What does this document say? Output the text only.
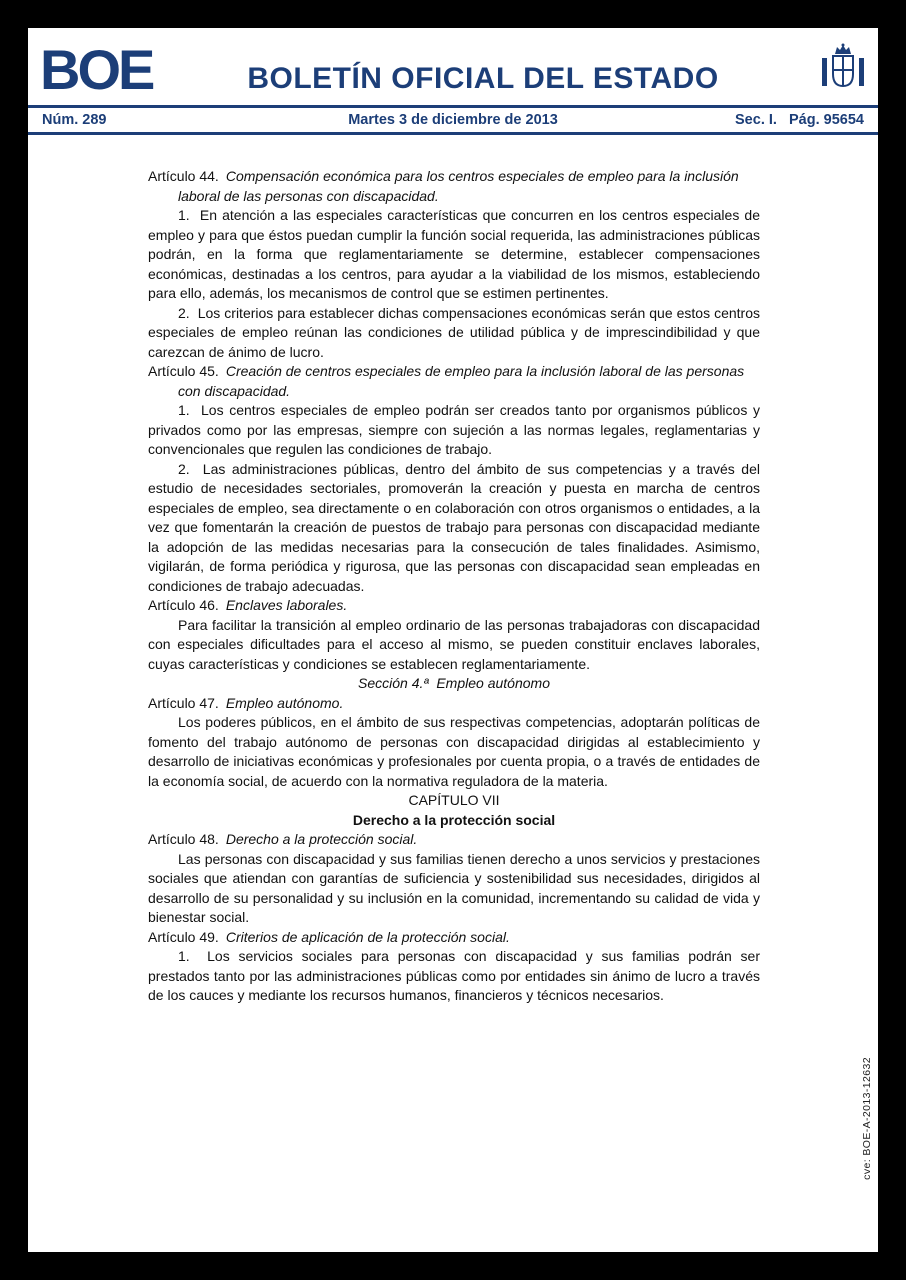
BOE	BOLETÍN OFICIAL DEL ESTADO
Núm. 289	Martes 3 de diciembre de 2013	Sec. I.   Pág. 95654

Artículo 44. Compensación económica para los centros especiales de empleo para la inclusión laboral de las personas con discapacidad.

1.  En atención a las especiales características que concurren en los centros especiales de empleo y para que éstos puedan cumplir la función social requerida, las administraciones públicas podrán, en la forma que reglamentariamente se determine, establecer compensaciones económicas, destinadas a los centros, para ayudar a la viabilidad de los mismos, estableciendo para ello, además, los mecanismos de control que se estimen pertinentes.

2.  Los criterios para establecer dichas compensaciones económicas serán que estos centros especiales de empleo reúnan las condiciones de utilidad pública y de imprescindibilidad y que carezcan de ánimo de lucro.

Artículo 45. Creación de centros especiales de empleo para la inclusión laboral de las personas con discapacidad.

1.  Los centros especiales de empleo podrán ser creados tanto por organismos públicos y privados como por las empresas, siempre con sujeción a las normas legales, reglamentarias y convencionales que regulen las condiciones de trabajo.

2.  Las administraciones públicas, dentro del ámbito de sus competencias y a través del estudio de necesidades sectoriales, promoverán la creación y puesta en marcha de centros especiales de empleo, sea directamente o en colaboración con otros organismos o entidades, a la vez que fomentarán la creación de puestos de trabajo para personas con discapacidad mediante la adopción de las medidas necesarias para la consecución de tales finalidades. Asimismo, vigilarán, de forma periódica y rigurosa, que las personas con discapacidad sean empleadas en condiciones de trabajo adecuadas.

Artículo 46. Enclaves laborales.

Para facilitar la transición al empleo ordinario de las personas trabajadoras con discapacidad con especiales dificultades para el acceso al mismo, se pueden constituir enclaves laborales, cuyas características y condiciones se establecen reglamentariamente.

Sección 4.ª  Empleo autónomo

Artículo 47. Empleo autónomo.

Los poderes públicos, en el ámbito de sus respectivas competencias, adoptarán políticas de fomento del trabajo autónomo de personas con discapacidad dirigidas al establecimiento y desarrollo de iniciativas económicas y profesionales por cuenta propia, o a través de entidades de la economía social, de acuerdo con la normativa reguladora de la materia.

CAPÍTULO VII

Derecho a la protección social

Artículo 48. Derecho a la protección social.

Las personas con discapacidad y sus familias tienen derecho a unos servicios y prestaciones sociales que atiendan con garantías de suficiencia y sostenibilidad sus necesidades, dirigidos al desarrollo de su personalidad y su inclusión en la comunidad, incrementando su calidad de vida y bienestar social.

Artículo 49. Criterios de aplicación de la protección social.

1.  Los servicios sociales para personas con discapacidad y sus familias podrán ser prestados tanto por las administraciones públicas como por entidades sin ánimo de lucro a través de los cauces y mediante los recursos humanos, financieros y técnicos necesarios.

cve: BOE-A-2013-12632
